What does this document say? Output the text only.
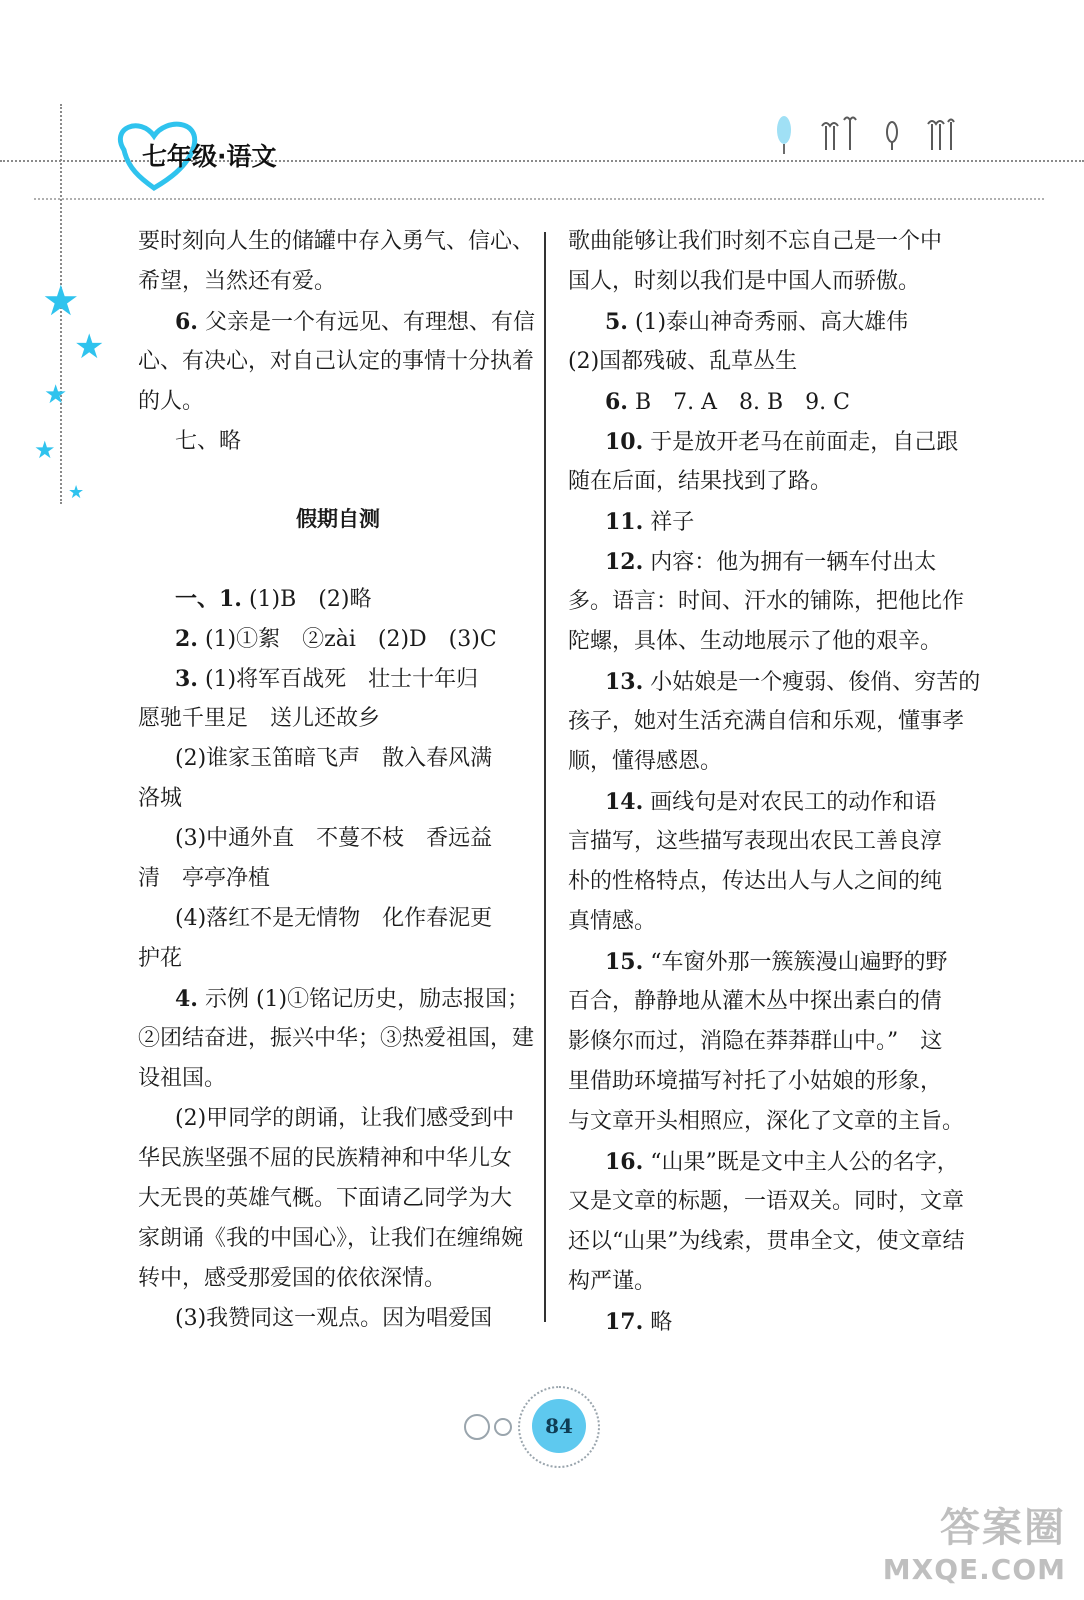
七年级·语文
★
★
★
★
★
要时刻向人生的储罐中存入勇气、信心、
希望，当然还有爱。
6. 父亲是一个有远见、有理想、有信
心、有决心，对自己认定的事情十分执着
的人。
七、略
假期自测
一、1. (1)B　(2)略
2. (1)①絮　②zài　(2)D　(3)C
3. (1)将军百战死　壮士十年归
愿驰千里足　送儿还故乡
(2)谁家玉笛暗飞声　散入春风满
洛城
(3)中通外直　不蔓不枝　香远益
清　亭亭净植
(4)落红不是无情物　化作春泥更
护花
4. 示例 (1)①铭记历史，励志报国；
②团结奋进，振兴中华；③热爱祖国，建
设祖国。
(2)甲同学的朗诵，让我们感受到中
华民族坚强不屈的民族精神和中华儿女
大无畏的英雄气概。下面请乙同学为大
家朗诵《我的中国心》，让我们在缠绵婉
转中，感受那爱国的依依深情。
(3)我赞同这一观点。因为唱爱国
歌曲能够让我们时刻不忘自己是一个中
国人，时刻以我们是中国人而骄傲。
5. (1)泰山神奇秀丽、高大雄伟
(2)国都残破、乱草丛生
6. B　7. A　8. B　9. C
10. 于是放开老马在前面走，自己跟
随在后面，结果找到了路。
11. 祥子
12. 内容：他为拥有一辆车付出太
多。语言：时间、汗水的铺陈，把他比作
陀螺，具体、生动地展示了他的艰辛。
13. 小姑娘是一个瘦弱、俊俏、穷苦的
孩子，她对生活充满自信和乐观，懂事孝
顺，懂得感恩。
14. 画线句是对农民工的动作和语
言描写，这些描写表现出农民工善良淳
朴的性格特点，传达出人与人之间的纯
真情感。
15. “车窗外那一簇簇漫山遍野的野
百合，静静地从灌木丛中探出素白的倩
影倏尔而过，消隐在莽莽群山中。”　这
里借助环境描写衬托了小姑娘的形象，
与文章开头相照应，深化了文章的主旨。
16. “山果”既是文中主人公的名字，
又是文章的标题，一语双关。同时，文章
还以“山果”为线索，贯串全文，使文章结
构严谨。
17. 略
84
答案圈
MXQE.COM
